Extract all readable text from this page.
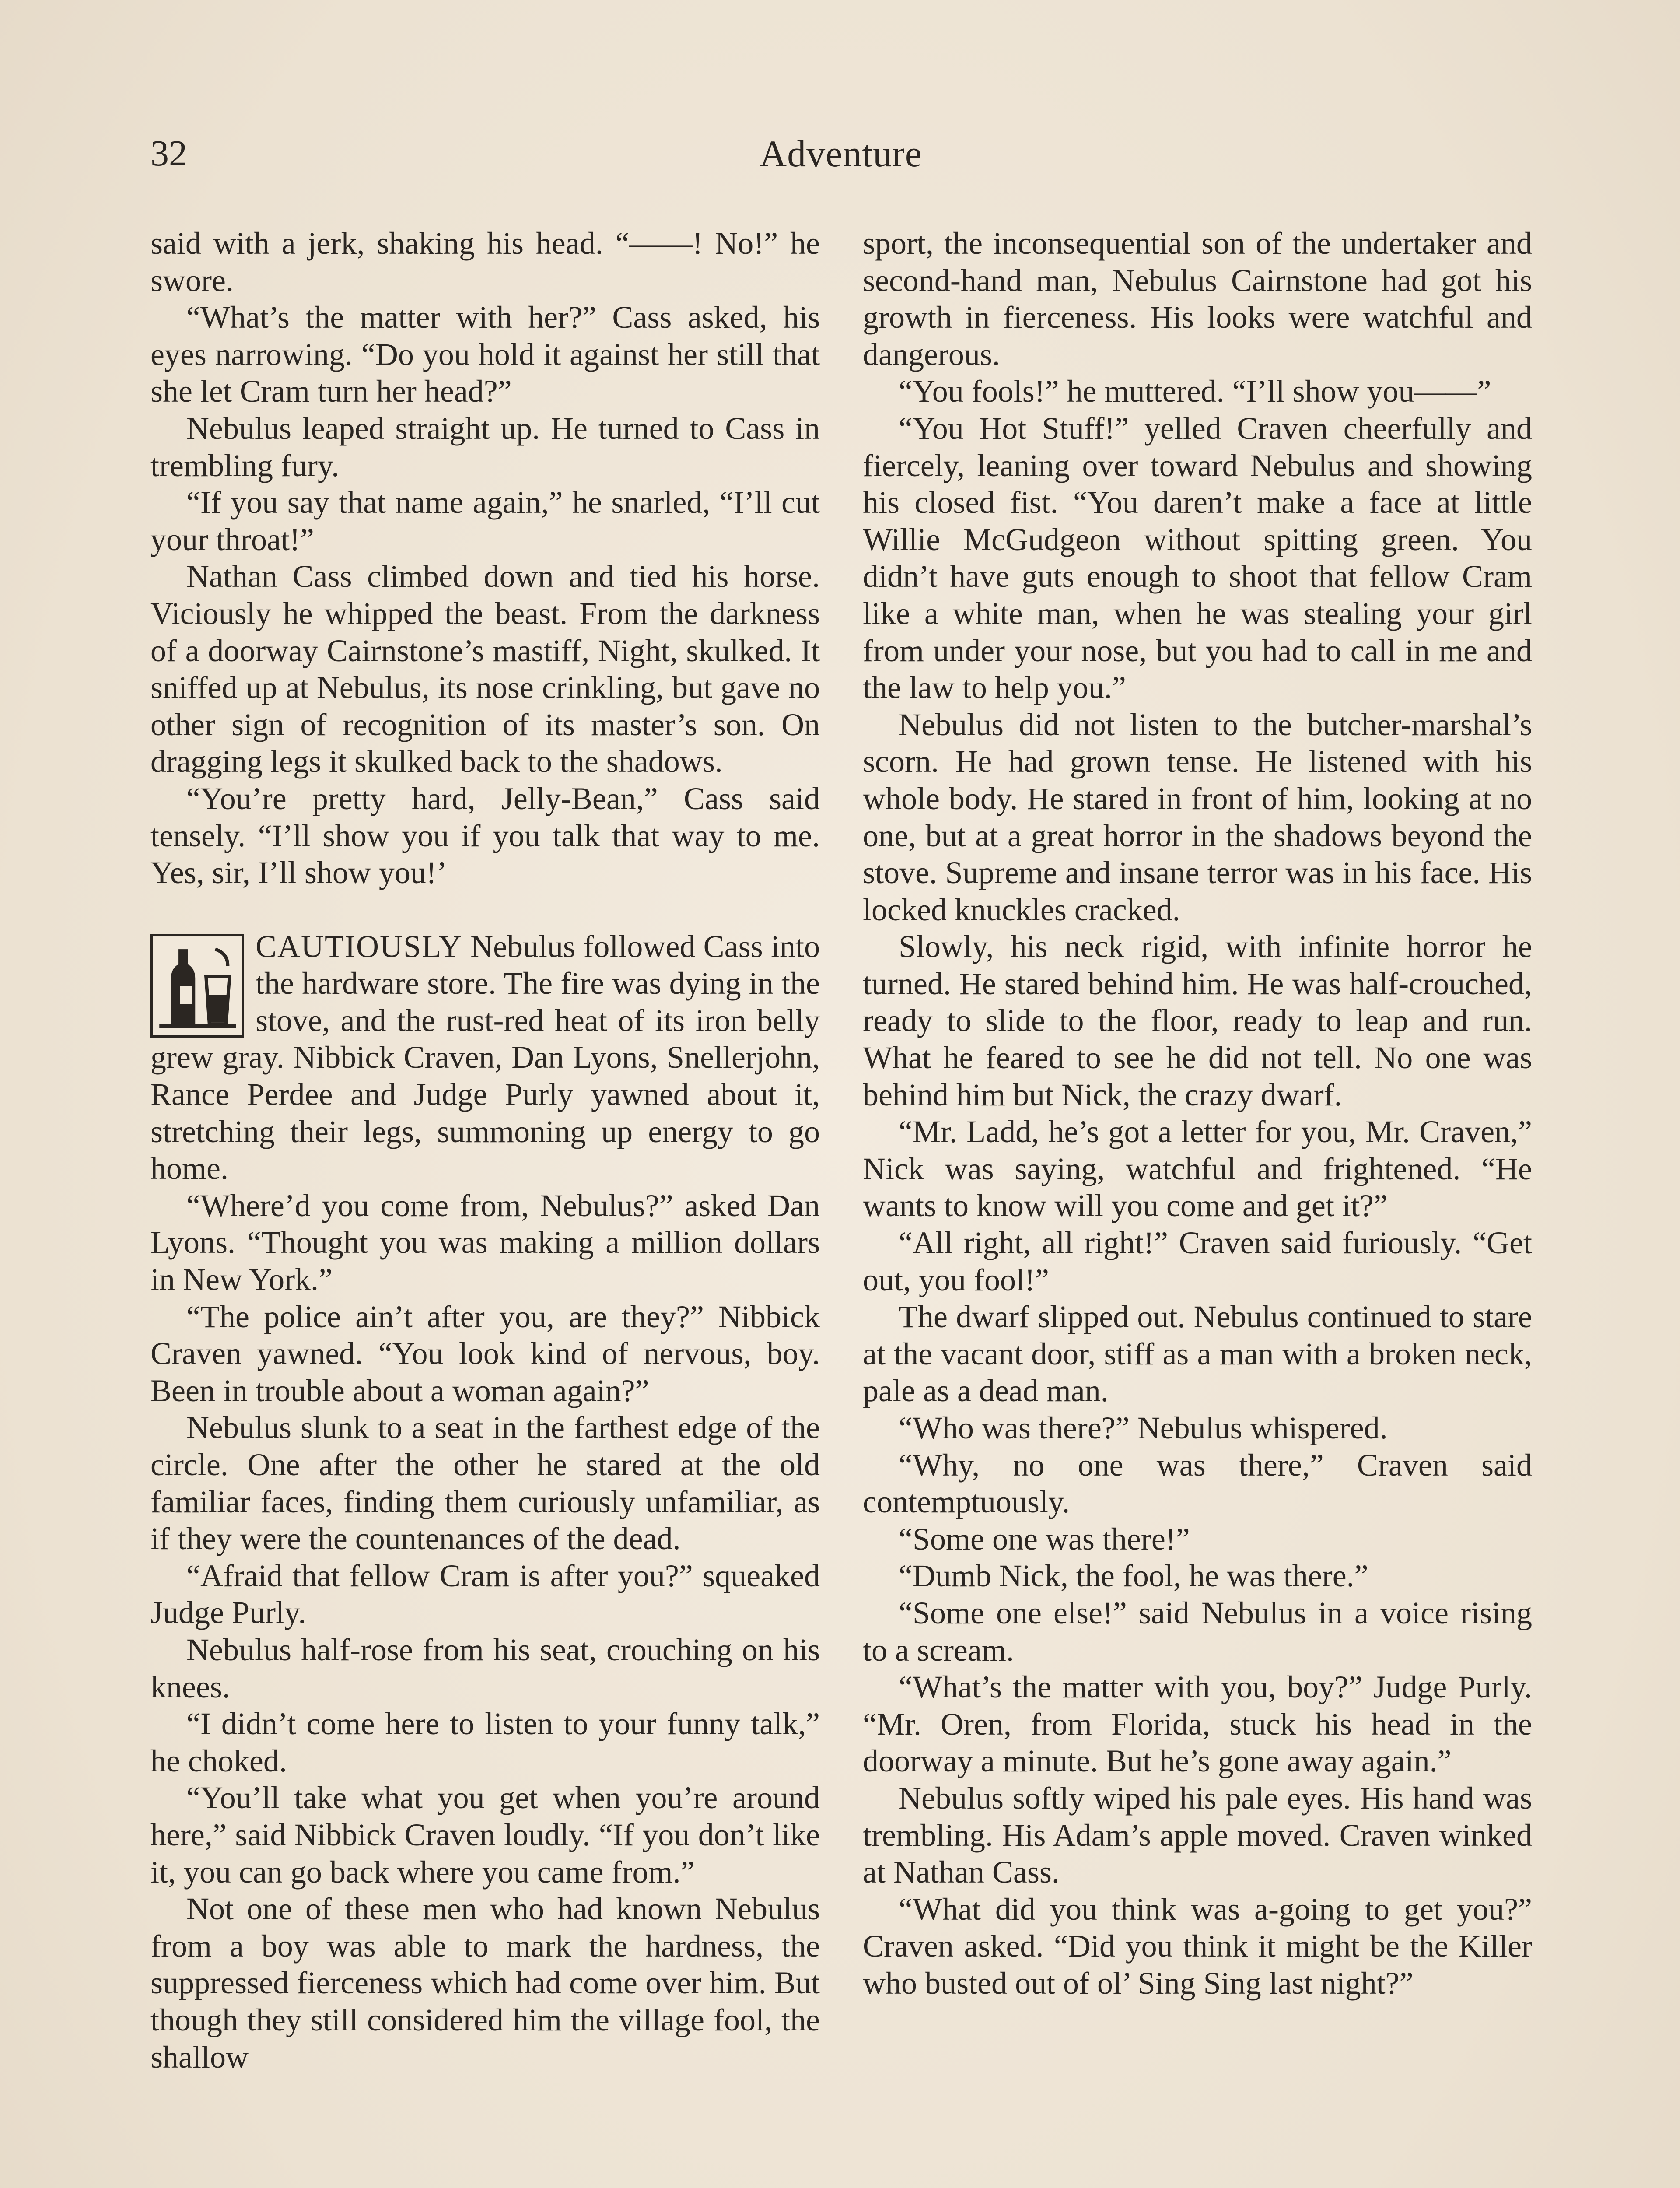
32	Adventure

said with a jerk, shaking his head. “——! No!” he swore.

“What’s the matter with her?” Cass asked, his eyes narrowing. “Do you hold it against her still that she let Cram turn her head?”

Nebulus leaped straight up. He turned to Cass in trembling fury.

“If you say that name again,” he snarled, “I’ll cut your throat!”

Nathan Cass climbed down and tied his horse. Viciously he whipped the beast. From the darkness of a doorway Cairnstone’s mastiff, Night, skulked. It sniffed up at Nebulus, its nose crinkling, but gave no other sign of recognition of its master’s son. On dragging legs it skulked back to the shadows.

“You’re pretty hard, Jelly-Bean,” Cass said tensely. “I’ll show you if you talk that way to me. Yes, sir, I’ll show you!’

CAUTIOUSLY Nebulus followed Cass into the hardware store. The fire was dying in the stove, and the rust-red heat of its iron belly grew gray. Nibbick Craven, Dan Lyons, Snellerjohn, Rance Perdee and Judge Purly yawned about it, stretching their legs, summoning up energy to go home.

“Where’d you come from, Nebulus?” asked Dan Lyons. “Thought you was making a million dollars in New York.”

“The police ain’t after you, are they?” Nibbick Craven yawned. “You look kind of nervous, boy. Been in trouble about a woman again?”

Nebulus slunk to a seat in the farthest edge of the circle. One after the other he stared at the old familiar faces, finding them curiously unfamiliar, as if they were the countenances of the dead.

“Afraid that fellow Cram is after you?” squeaked Judge Purly.

Nebulus half-rose from his seat, crouching on his knees.

“I didn’t come here to listen to your funny talk,” he choked.

“You’ll take what you get when you’re around here,” said Nibbick Craven loudly. “If you don’t like it, you can go back where you came from.”

Not one of these men who had known Nebulus from a boy was able to mark the hardness, the suppressed fierceness which had come over him. But though they still considered him the village fool, the shallow

sport, the inconsequential son of the undertaker and second-hand man, Nebulus Cairnstone had got his growth in fierceness. His looks were watchful and dangerous.

“You fools!” he muttered. “I’ll show you——”

“You Hot Stuff!” yelled Craven cheerfully and fiercely, leaning over toward Nebulus and showing his closed fist. “You daren’t make a face at little Willie McGudgeon without spitting green. You didn’t have guts enough to shoot that fellow Cram like a white man, when he was stealing your girl from under your nose, but you had to call in me and the law to help you.”

Nebulus did not listen to the butcher-marshal’s scorn. He had grown tense. He listened with his whole body. He stared in front of him, looking at no one, but at a great horror in the shadows beyond the stove. Supreme and insane terror was in his face. His locked knuckles cracked.

Slowly, his neck rigid, with infinite horror he turned. He stared behind him. He was half-crouched, ready to slide to the floor, ready to leap and run. What he feared to see he did not tell. No one was behind him but Nick, the crazy dwarf.

“Mr. Ladd, he’s got a letter for you, Mr. Craven,” Nick was saying, watchful and frightened. “He wants to know will you come and get it?”

“All right, all right!” Craven said furiously. “Get out, you fool!”

The dwarf slipped out. Nebulus continued to stare at the vacant door, stiff as a man with a broken neck, pale as a dead man.

“Who was there?” Nebulus whispered.

“Why, no one was there,” Craven said contemptuously.

“Some one was there!”

“Dumb Nick, the fool, he was there.”

“Some one else!” said Nebulus in a voice rising to a scream.

“What’s the matter with you, boy?” Judge Purly. “Mr. Oren, from Florida, stuck his head in the doorway a minute. But he’s gone away again.”

Nebulus softly wiped his pale eyes. His hand was trembling. His Adam’s apple moved. Craven winked at Nathan Cass.

“What did you think was a-going to get you?” Craven asked. “Did you think it might be the Killer who busted out of ol’ Sing Sing last night?”
